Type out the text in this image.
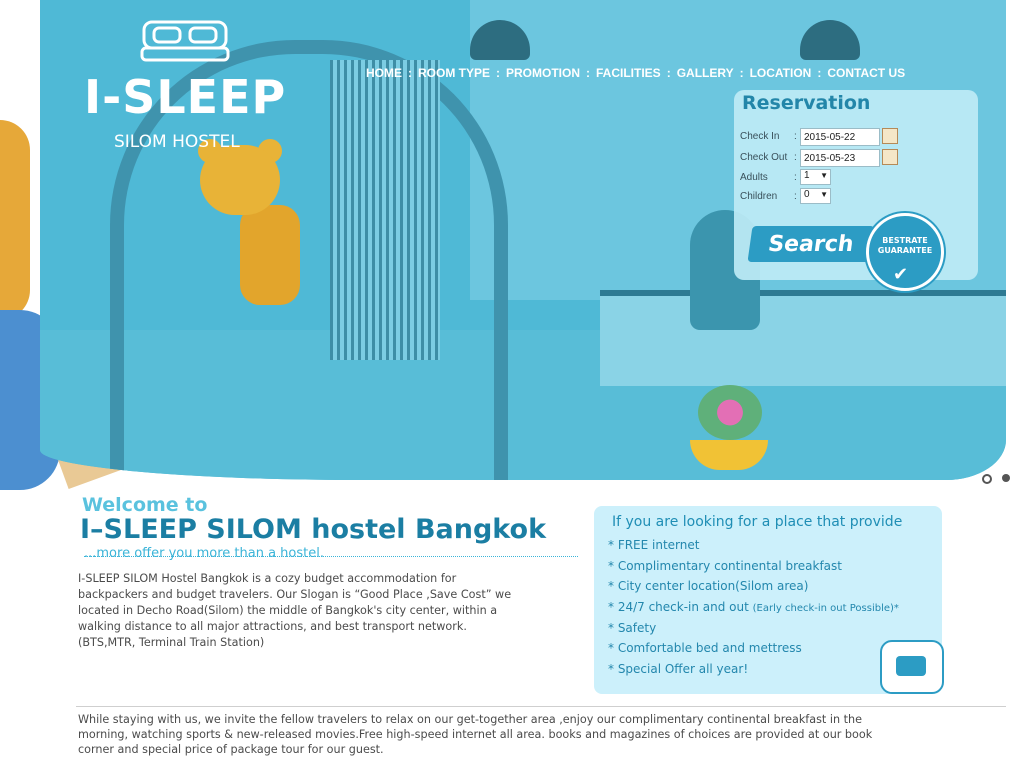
I-SLEEP
SILOM HOSTEL
HOME : ROOM TYPE : PROMOTION : FACILITIES : GALLERY : LOCATION : CONTACT US
Reservation
Check In	:
2015-05-22
Check Out :
2015-05-23
Adults	: 1 ▼
Children	: 0 ▼
Search	BESTRATE GUARANTEE
✔
Welcome to
I–SLEEP SILOM hostel Bangkok
...more offer you more than a hostel.
I-SLEEP SILOM Hostel Bangkok is a cozy budget accommodation for backpackers and budget travelers. Our Slogan is “Good Place ,Save Cost” we located in Decho Road(Silom) the middle of Bangkok's city center, within a walking distance to all major attractions, and best transport network.(BTS,MTR, Terminal Train Station)
If you are looking for a place that provide
* FREE internet
* Complimentary continental breakfast
* City center location(Silom area)
* 24/7 check-in and out (Early check-in out Possible)*
* Safety
* Comfortable bed and mettress
* Special Offer all year!
While staying with us, we invite the fellow travelers to relax on our get-together area ,enjoy our complimentary continental breakfast in the morning, watching sports & new-released movies.Free high-speed internet all area. books and magazines of choices are provided at our book corner and special price of package tour for our guest.
